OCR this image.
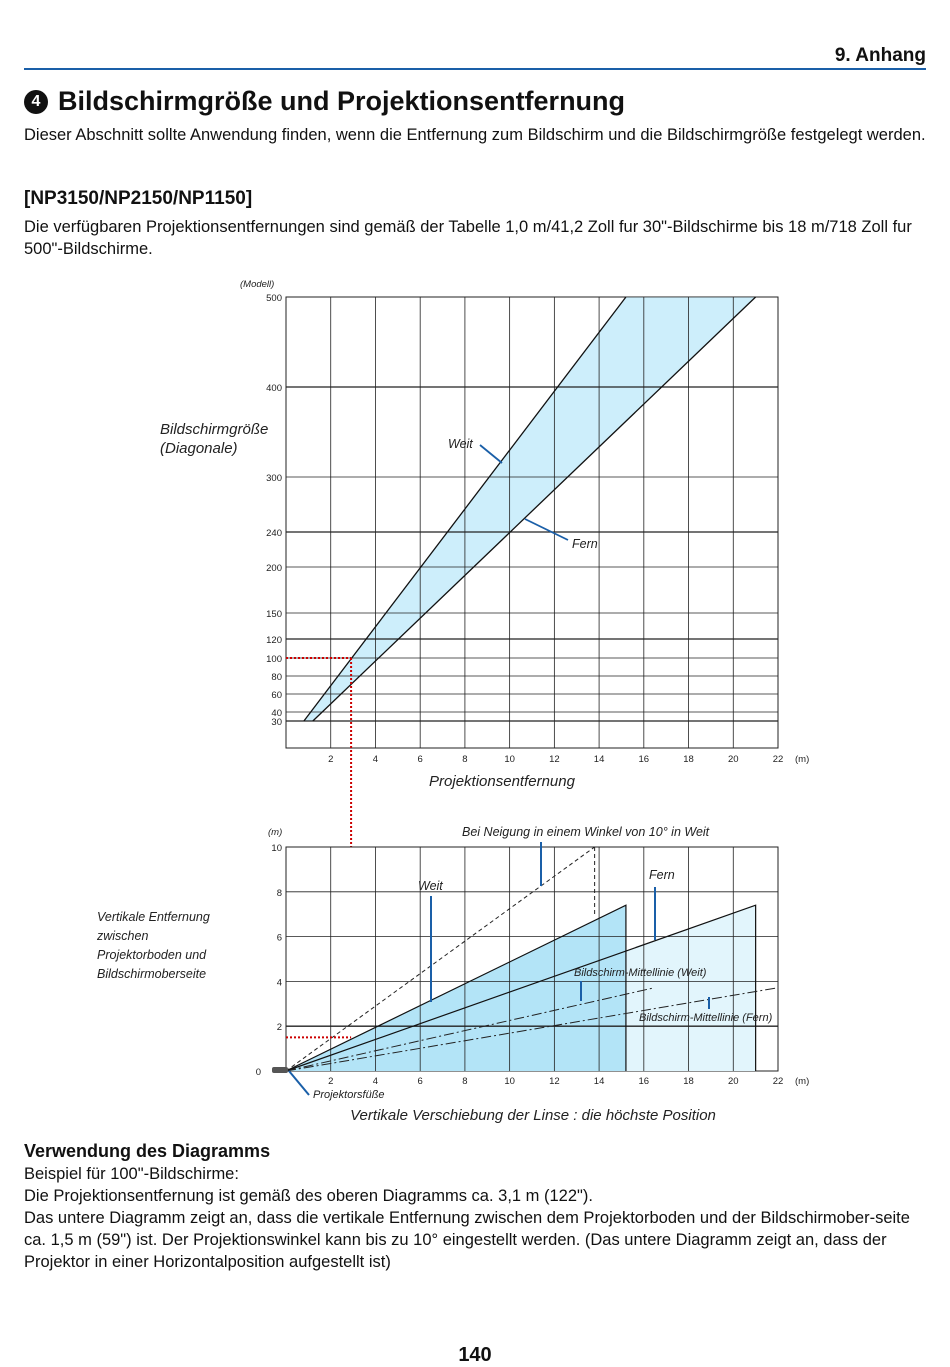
9. Anhang
4 Bildschirmgröße und Projektionsentfernung
Dieser Abschnitt sollte Anwendung finden, wenn die Entfernung zum Bildschirm und die Bildschirmgröße festgelegt werden.
[NP3150/NP2150/NP1150]
Die verfügbaren Projektionsentfernungen sind gemäß der Tabelle 1,0 m/41,2 Zoll fur 30"-Bildschirme bis 18 m/718 Zoll fur 500"-Bildschirme.
2	4	6	8	10	12	14	16	18	20	22
30
40
60
80
100
120
150
200
240
300
400
500
(m)
(Modell)
Bildschirmgröße
(Diagonale)
Projektionsentfernung
Weit
Fern
2	4	6	8	10	12	14	16	18	20	22
0
2
4
6
8
10
(m)
(m)
Vertikale Entfernung
zwischen
Projektorboden und
Bildschirmoberseite
Vertikale Verschiebung der Linse : die höchste Position
Bei Neigung in einem Winkel von 10° in Weit
Weit
Fern
Bildschirm-Mittellinie (Weit)
Bildschirm-Mittellinie (Fern)
Projektorsfüße
Verwendung des Diagramms
Beispiel für 100"-Bildschirme:
Die Projektionsentfernung ist gemäß des oberen Diagramms ca. 3,1 m (122").
Das untere Diagramm zeigt an, dass die vertikale Entfernung zwischen dem Projektorboden und der Bildschirmober-seite ca. 1,5 m (59") ist. Der Projektionswinkel kann bis zu 10° eingestellt werden. (Das untere Diagramm zeigt an, dass der Projektor in einer Horizontalposition aufgestellt ist)
140
